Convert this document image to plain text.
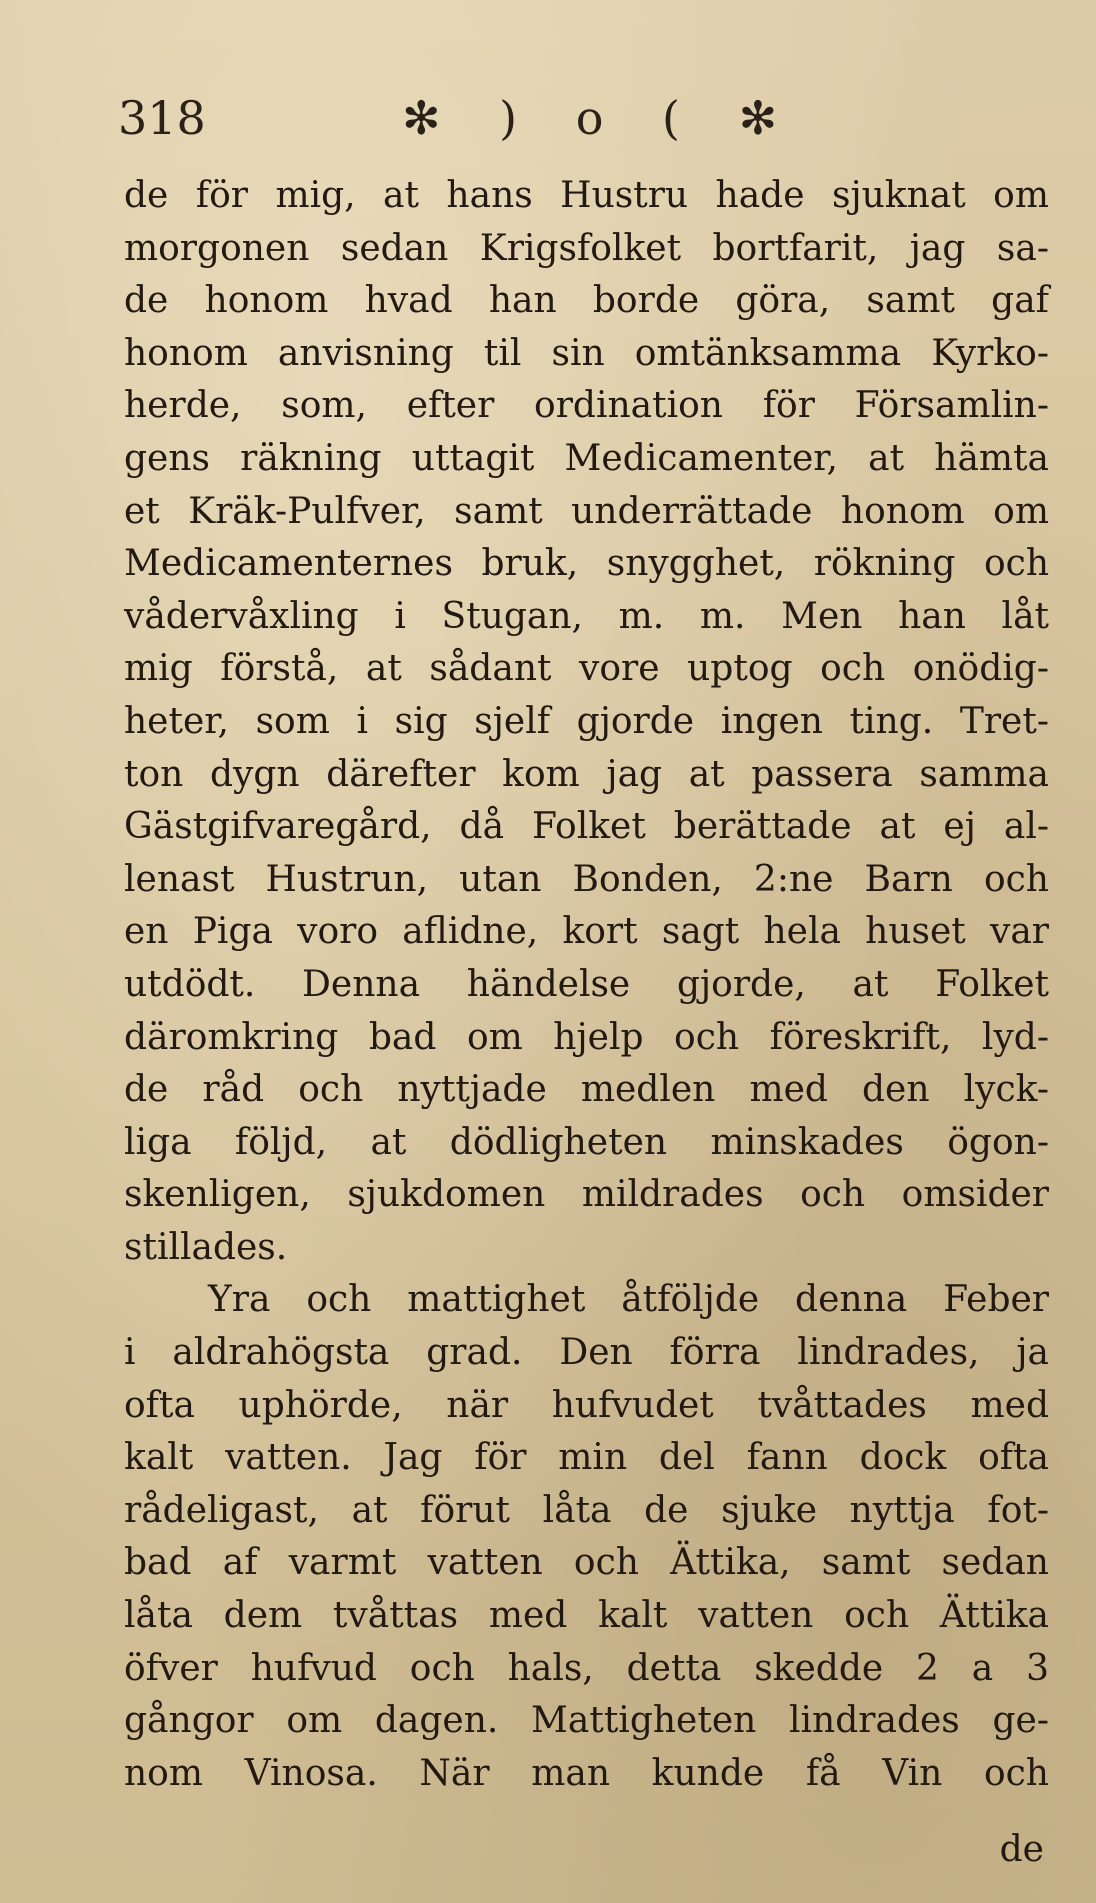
318	✻ ) o ( ✻
de för mig, at hans Hustru hade sjuknat om
morgonen sedan Krigsfolket bortfarit, jag sa-
de honom hvad han borde göra, samt gaf
honom anvisning til sin omtänksamma Kyrko-
herde, som, efter ordination för Församlin-
gens räkning uttagit Medicamenter, at hämta
et Kräk-Pulfver, samt underrättade honom om
Medicamenternes bruk, snygghet, rökning och
vådervåxling i Stugan, m. m. Men han låt
mig förstå, at sådant vore uptog och onödig-
heter, som i sig sjelf gjorde ingen ting. Tret-
ton dygn därefter kom jag at passera samma
Gästgifvaregård, då Folket berättade at ej al-
lenast Hustrun, utan Bonden, 2:ne Barn och
en Piga voro aflidne, kort sagt hela huset var
utdödt. Denna händelse gjorde, at Folket
däromkring bad om hjelp och föreskrift, lyd-
de råd och nyttjade medlen med den lyck-
liga följd, at dödligheten minskades ögon-
skenligen, sjukdomen mildrades och omsider
stillades.
Yra och mattighet åtföljde denna Feber
i aldrahögsta grad. Den förra lindrades, ja
ofta uphörde, när hufvudet tvåttades med
kalt vatten. Jag för min del fann dock ofta
rådeligast, at förut låta de sjuke nyttja fot-
bad af varmt vatten och Ättika, samt sedan
låta dem tvåttas med kalt vatten och Ättika
öfver hufvud och hals, detta skedde 2 a 3
gångor om dagen. Mattigheten lindrades ge-
nom Vinosa. När man kunde få Vin och
de
